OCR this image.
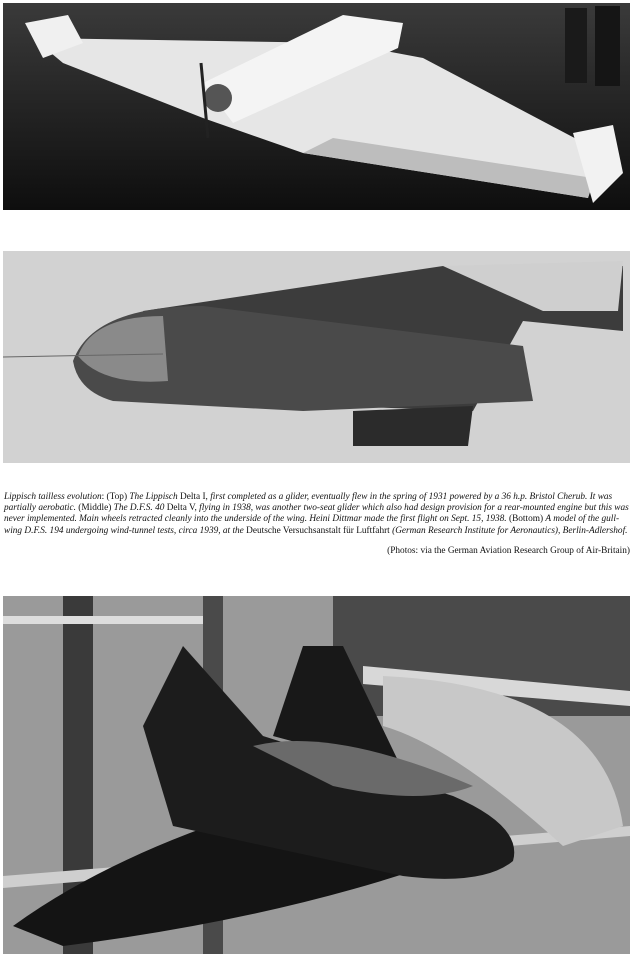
Lippisch tailless evolution: (Top) The Lippisch Delta I, first completed as a glider, eventually flew in the spring of 1931 powered by a 36 h.p. Bristol Cherub. It was partially aerobatic. (Middle) The D.F.S. 40 Delta V, flying in 1938, was another two-seat glider which also had design provision for a rear-mounted engine but this was never implemented. Main wheels retracted cleanly into the underside of the wing. Heini Dittmar made the first flight on Sept. 15, 1938. (Bottom) A model of the gull-wing D.F.S. 194 undergoing wind-tunnel tests, circa 1939, at the Deutsche Versuchsanstalt für Luftfahrt (German Research Institute for Aeronautics), Berlin-Adlershof.
(Photos: via the German Aviation Research Group of Air-Britain)
